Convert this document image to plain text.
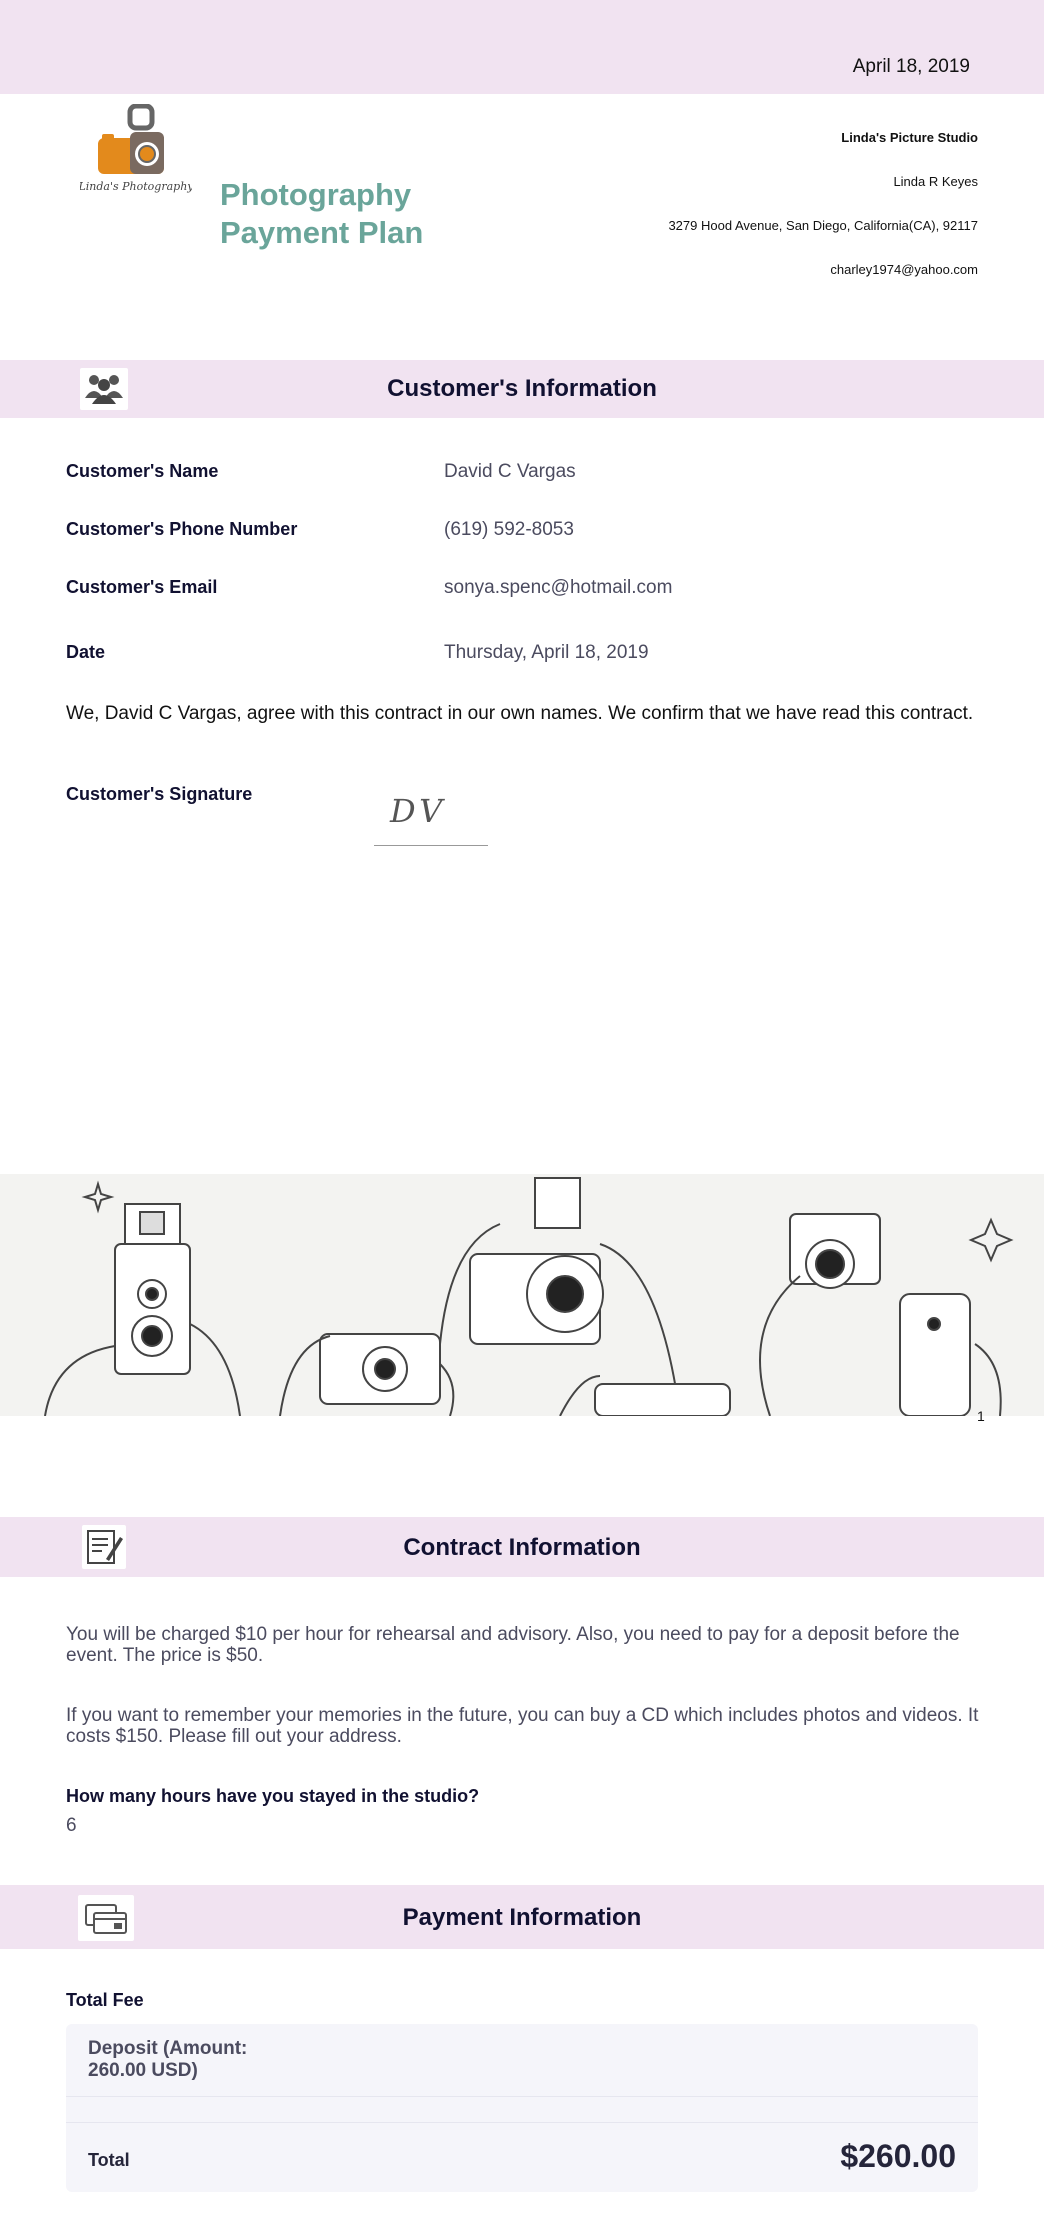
April 18, 2019
Linda's Photography Photography Payment Plan
Linda's Picture Studio
Linda R Keyes
3279 Hood Avenue, San Diego, California(CA), 92117
charley1974@yahoo.com
Customer's Information
Customer's Name	David C Vargas
Customer's Phone Number	(619) 592-8053
Customer's Email	sonya.spenc@hotmail.com
Date	Thursday, April 18, 2019
We, David C Vargas, agree with this contract in our own names. We confirm that we have read this contract.
Customer's Signature	DV
1
Contract Information
You will be charged $10 per hour for rehearsal and advisory. Also, you need to pay for a deposit before the event. The price is $50.
If you want to remember your memories in the future, you can buy a CD which includes photos and videos. It costs $150. Please fill out your address.
How many hours have you stayed in the studio?
6
Payment Information
Total Fee
Deposit (Amount: 260.00 USD)
Total	$260.00
